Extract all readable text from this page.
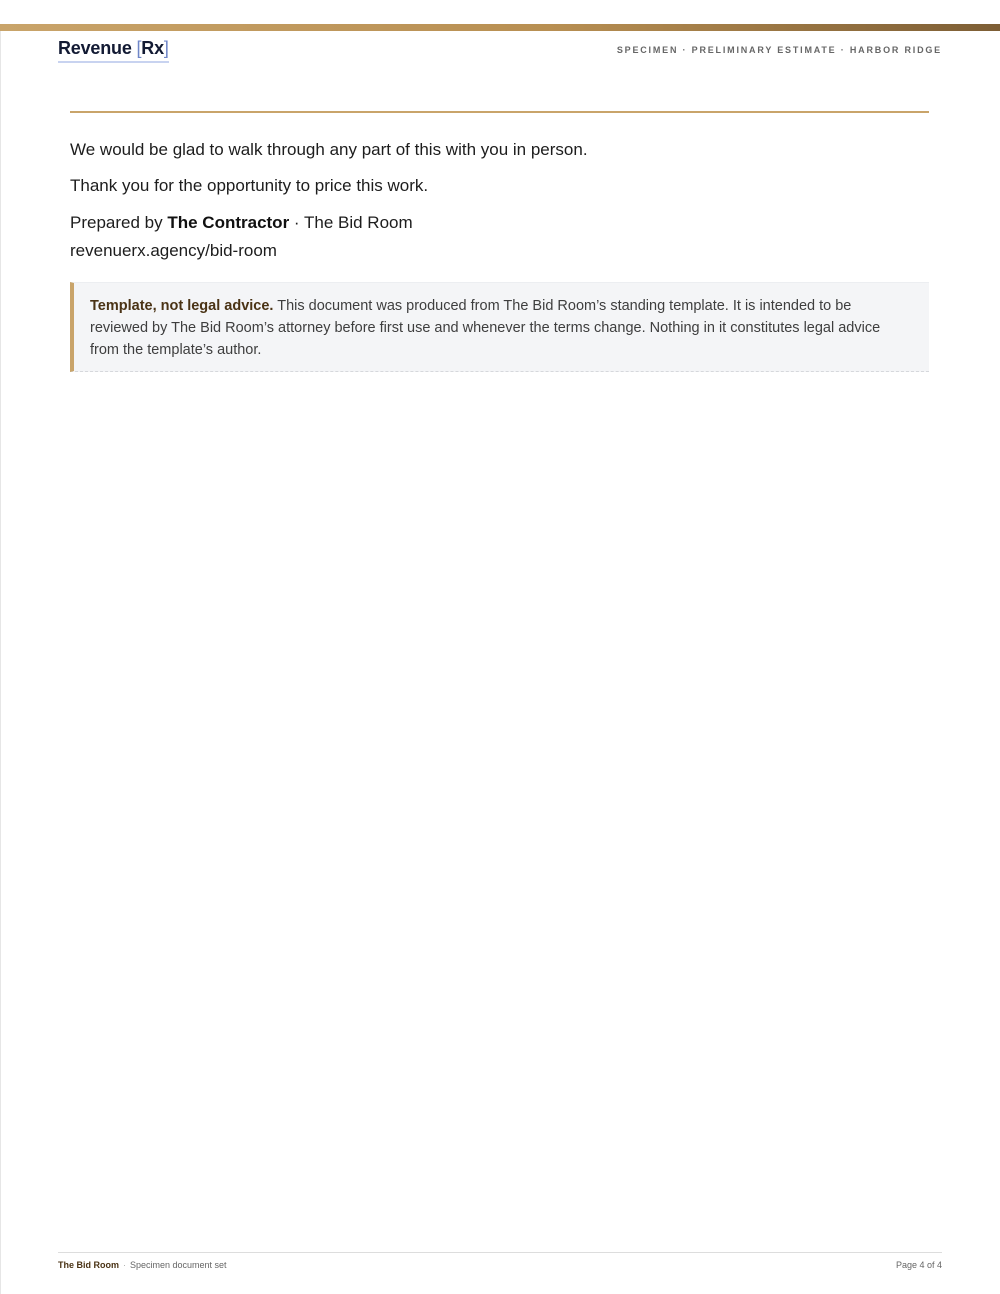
Revenue [Rx]	SPECIMEN · PRELIMINARY ESTIMATE · HARBOR RIDGE
We would be glad to walk through any part of this with you in person.
Thank you for the opportunity to price this work.
Prepared by The Contractor · The Bid Room
revenuerx.agency/bid-room
Template, not legal advice. This document was produced from The Bid Room’s standing template. It is intended to be reviewed by The Bid Room’s attorney before first use and whenever the terms change. Nothing in it constitutes legal advice from the template’s author.
The Bid Room · Specimen document set	Page 4 of 4
